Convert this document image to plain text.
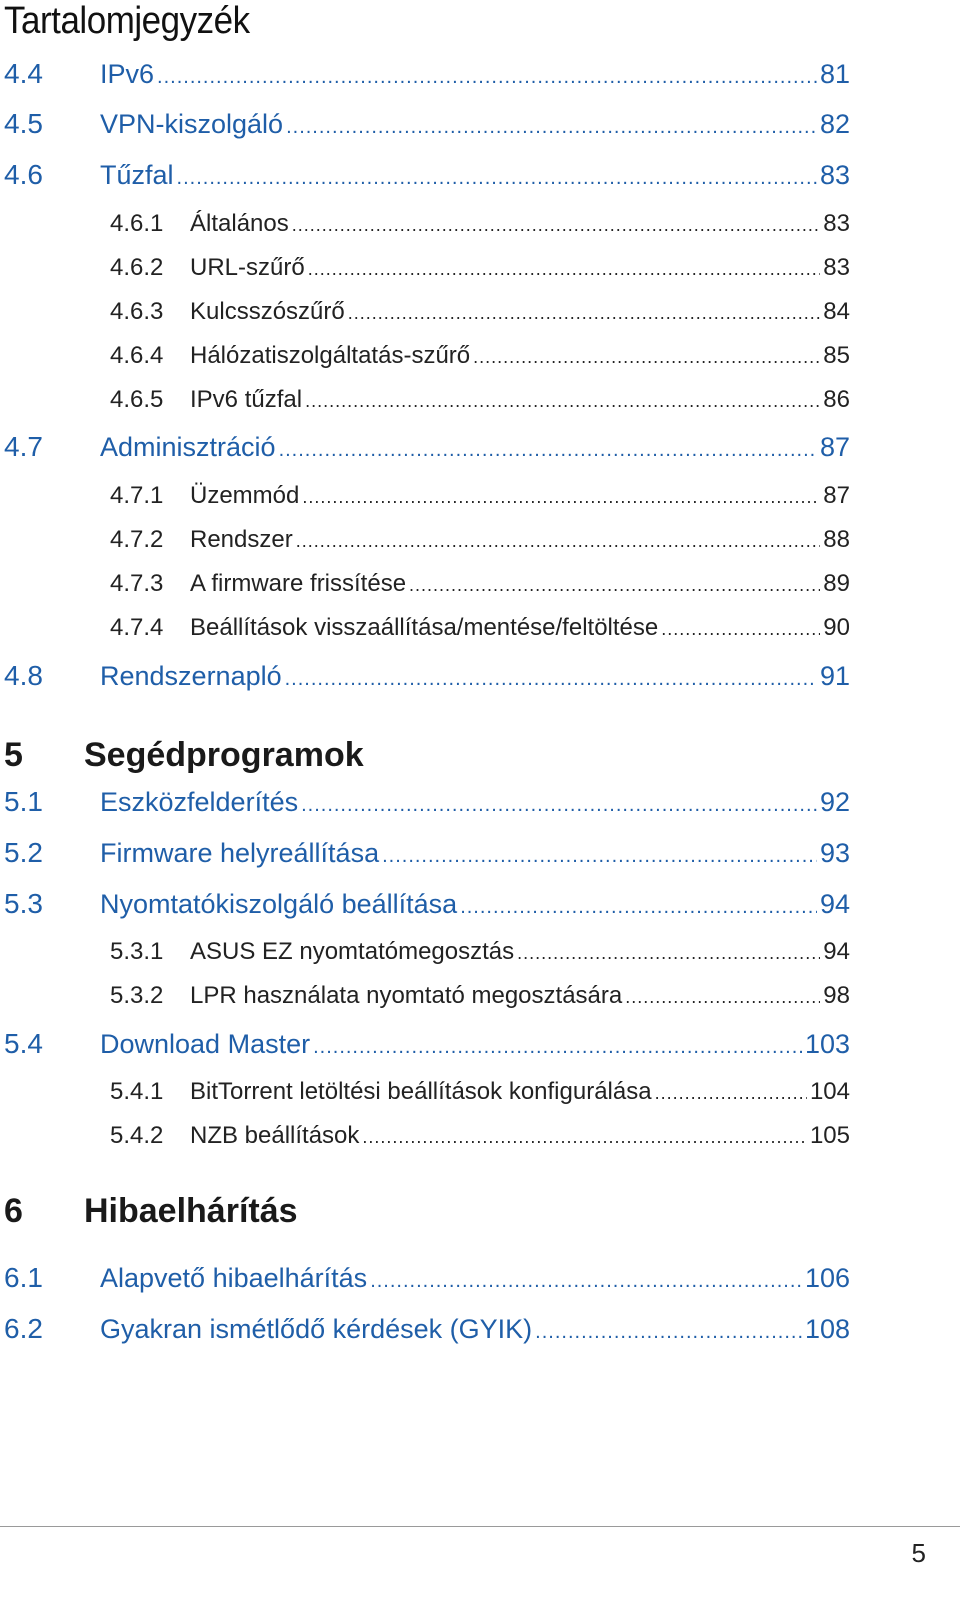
Tartalomjegyzék
4.4	IPv6 .....	81
4.5	VPN-kiszolgáló .....	82
4.6	Tűzfal .....	83
4.6.1	Általános .....	83
4.6.2	URL-szűrő .....	83
4.6.3	Kulcsszószűrő .....	84
4.6.4	Hálózatiszolgáltatás-szűrő .....	85
4.6.5	IPv6 tűzfal .....	86
4.7	Adminisztráció .....	87
4.7.1	Üzemmód .....	87
4.7.2	Rendszer .....	88
4.7.3	A firmware frissítése .....	89
4.7.4	Beállítások visszaállítása/mentése/feltöltése .....	90
4.8	Rendszernapló .....	91
5	Segédprogramok
5.1	Eszközfelderítés .....	92
5.2	Firmware helyreállítása .....	93
5.3	Nyomtatókiszolgáló beállítása .....	94
5.3.1	ASUS EZ nyomtatómegosztás .....	94
5.3.2	LPR használata nyomtató megosztására .....	98
5.4	Download Master .....	103
5.4.1	BitTorrent letöltési beállítások konfigurálása .....	104
5.4.2	NZB beállítások .....	105
6	Hibaelhárítás
6.1	Alapvető hibaelhárítás .....	106
6.2	Gyakran ismétlődő kérdések (GYIK) .....	108
5
